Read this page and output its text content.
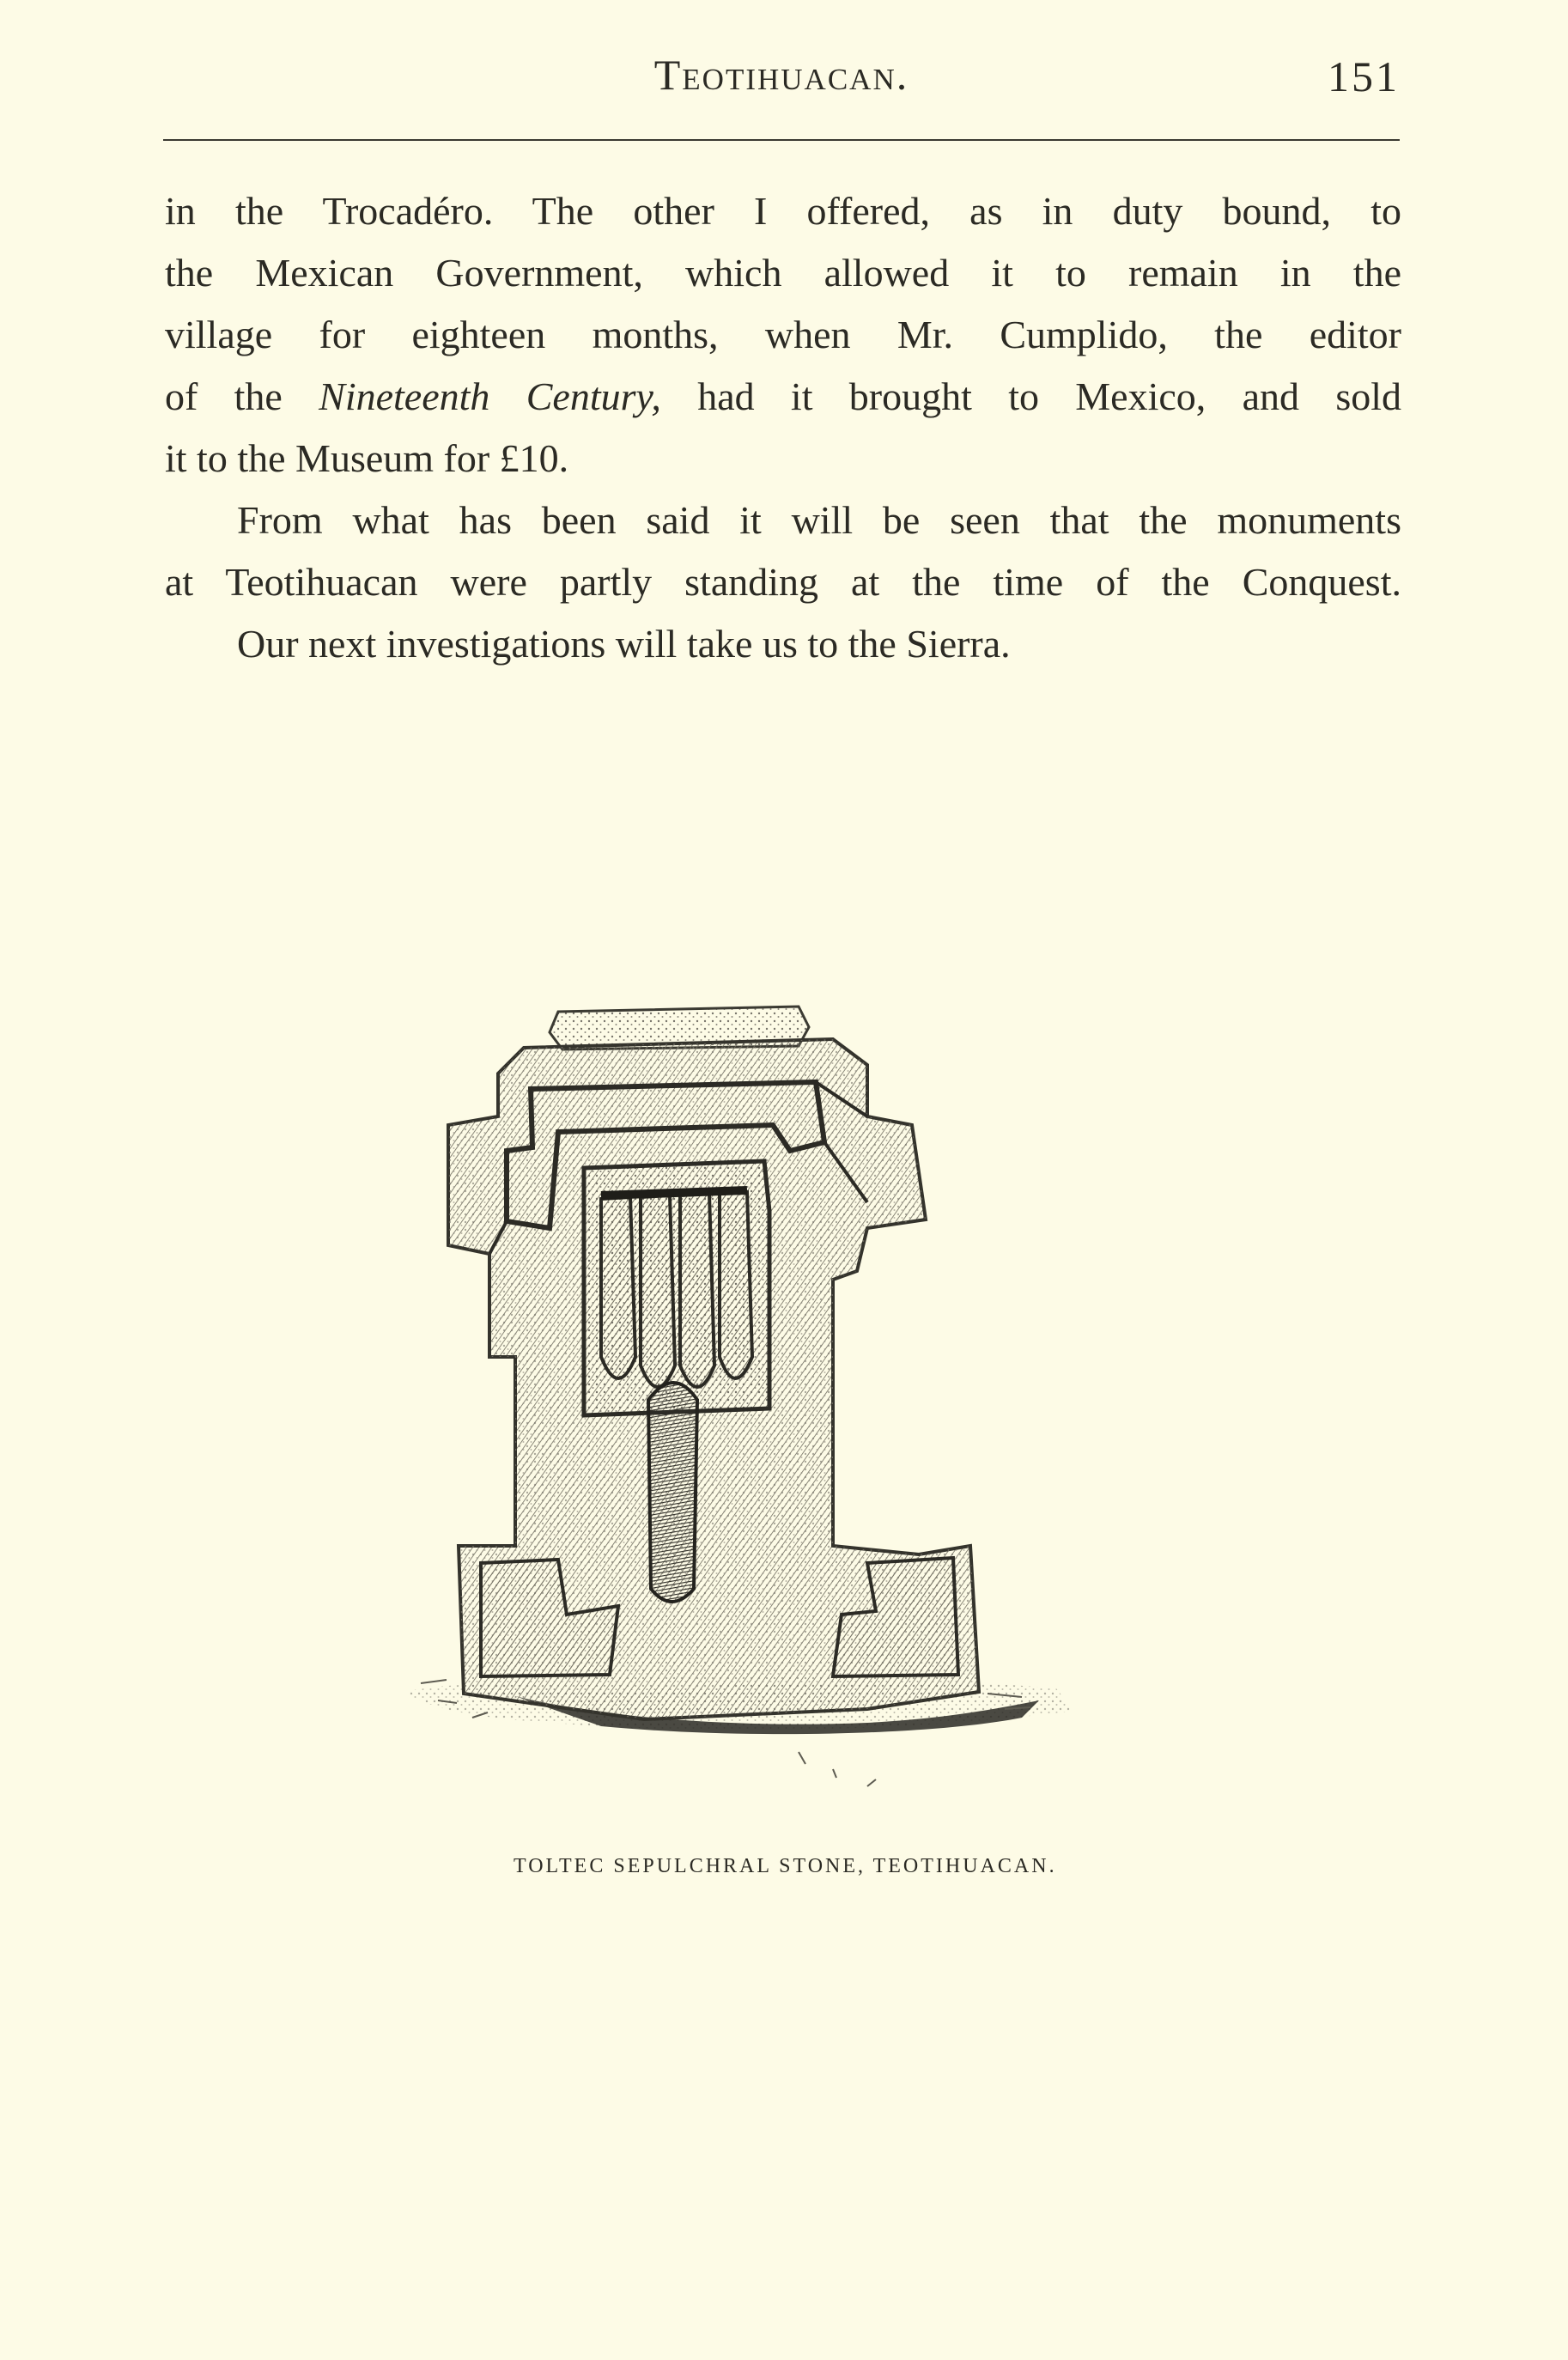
Teotihuacan.	151
in the Trocadéro. The other I offered, as in duty bound, to
the Mexican Government, which allowed it to remain in the
village for eighteen months, when Mr. Cumplido, the editor
of the Nineteenth Century, had it brought to Mexico, and sold
it to the Museum for £10.
From what has been said it will be seen that the monuments
at Teotihuacan were partly standing at the time of the Conquest.
Our next investigations will take us to the Sierra.
TOLTEC SEPULCHRAL STONE, TEOTIHUACAN.
